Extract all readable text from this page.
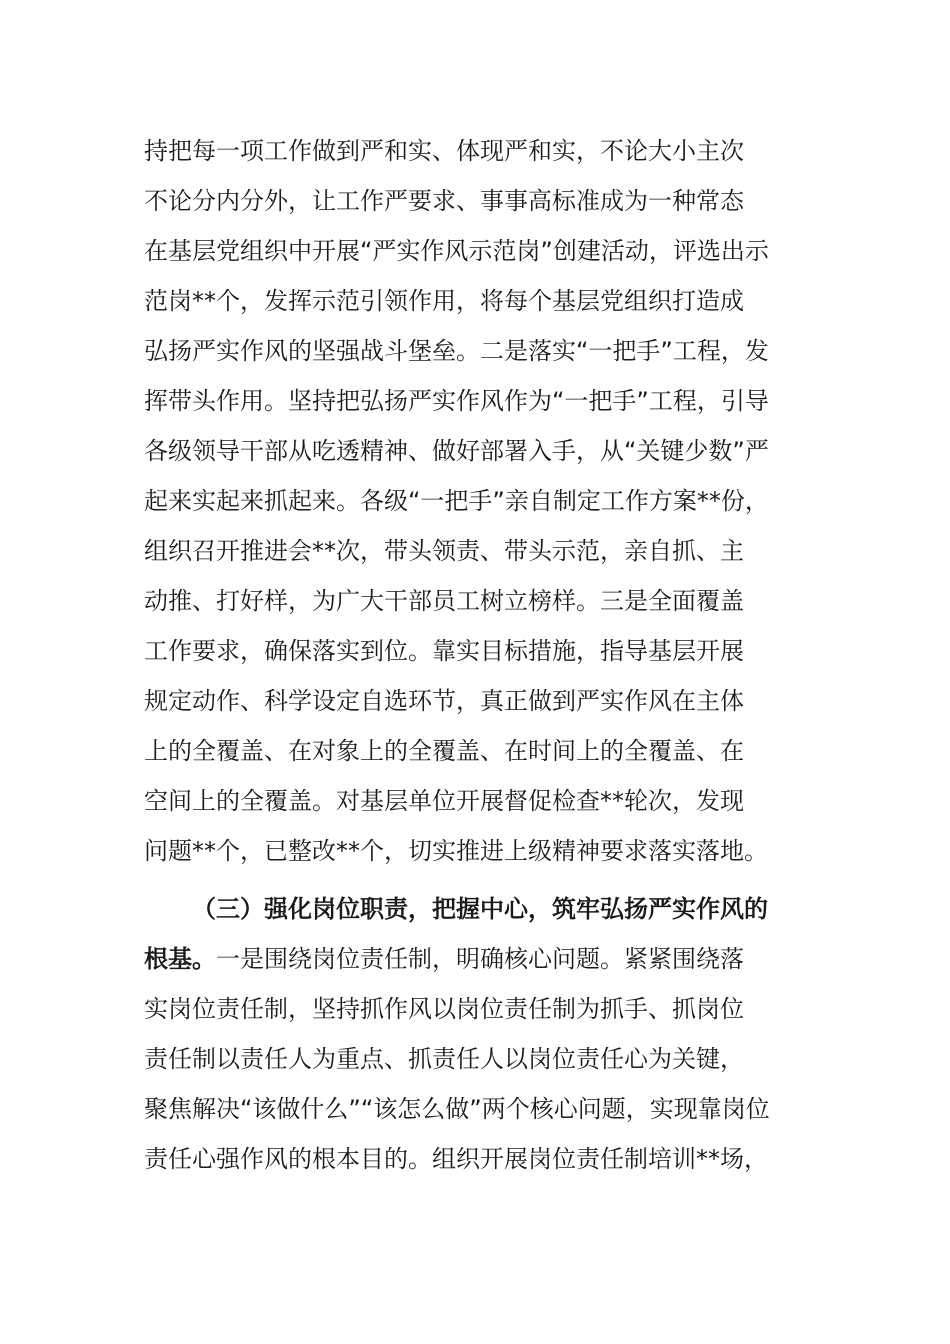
持把每一项工作做到严和实、体现严和实，不论大小主次
不论分内分外，让工作严要求、事事高标准成为一种常态
在基层党组织中开展“严实作风示范岗”创建活动，评选出示
范岗**个，发挥示范引领作用，将每个基层党组织打造成
弘扬严实作风的坚强战斗堡垒。二是落实“一把手”工程，发
挥带头作用。坚持把弘扬严实作风作为“一把手”工程，引导
各级领导干部从吃透精神、做好部署入手，从“关键少数”严
起来实起来抓起来。各级“一把手”亲自制定工作方案**份，
组织召开推进会**次，带头领责、带头示范，亲自抓、主
动推、打好样，为广大干部员工树立榜样。三是全面覆盖
工作要求，确保落实到位。靠实目标措施，指导基层开展
规定动作、科学设定自选环节，真正做到严实作风在主体
上的全覆盖、在对象上的全覆盖、在时间上的全覆盖、在
空间上的全覆盖。对基层单位开展督促检查**轮次，发现
问题**个，已整改**个，切实推进上级精神要求落实落地。
（三）强化岗位职责，把握中心，筑牢弘扬严实作风的
根基。一是围绕岗位责任制，明确核心问题。紧紧围绕落
实岗位责任制，坚持抓作风以岗位责任制为抓手、抓岗位
责任制以责任人为重点、抓责任人以岗位责任心为关键，
聚焦解决“该做什么”“该怎么做”两个核心问题，实现靠岗位
责任心强作风的根本目的。组织开展岗位责任制培训**场，
